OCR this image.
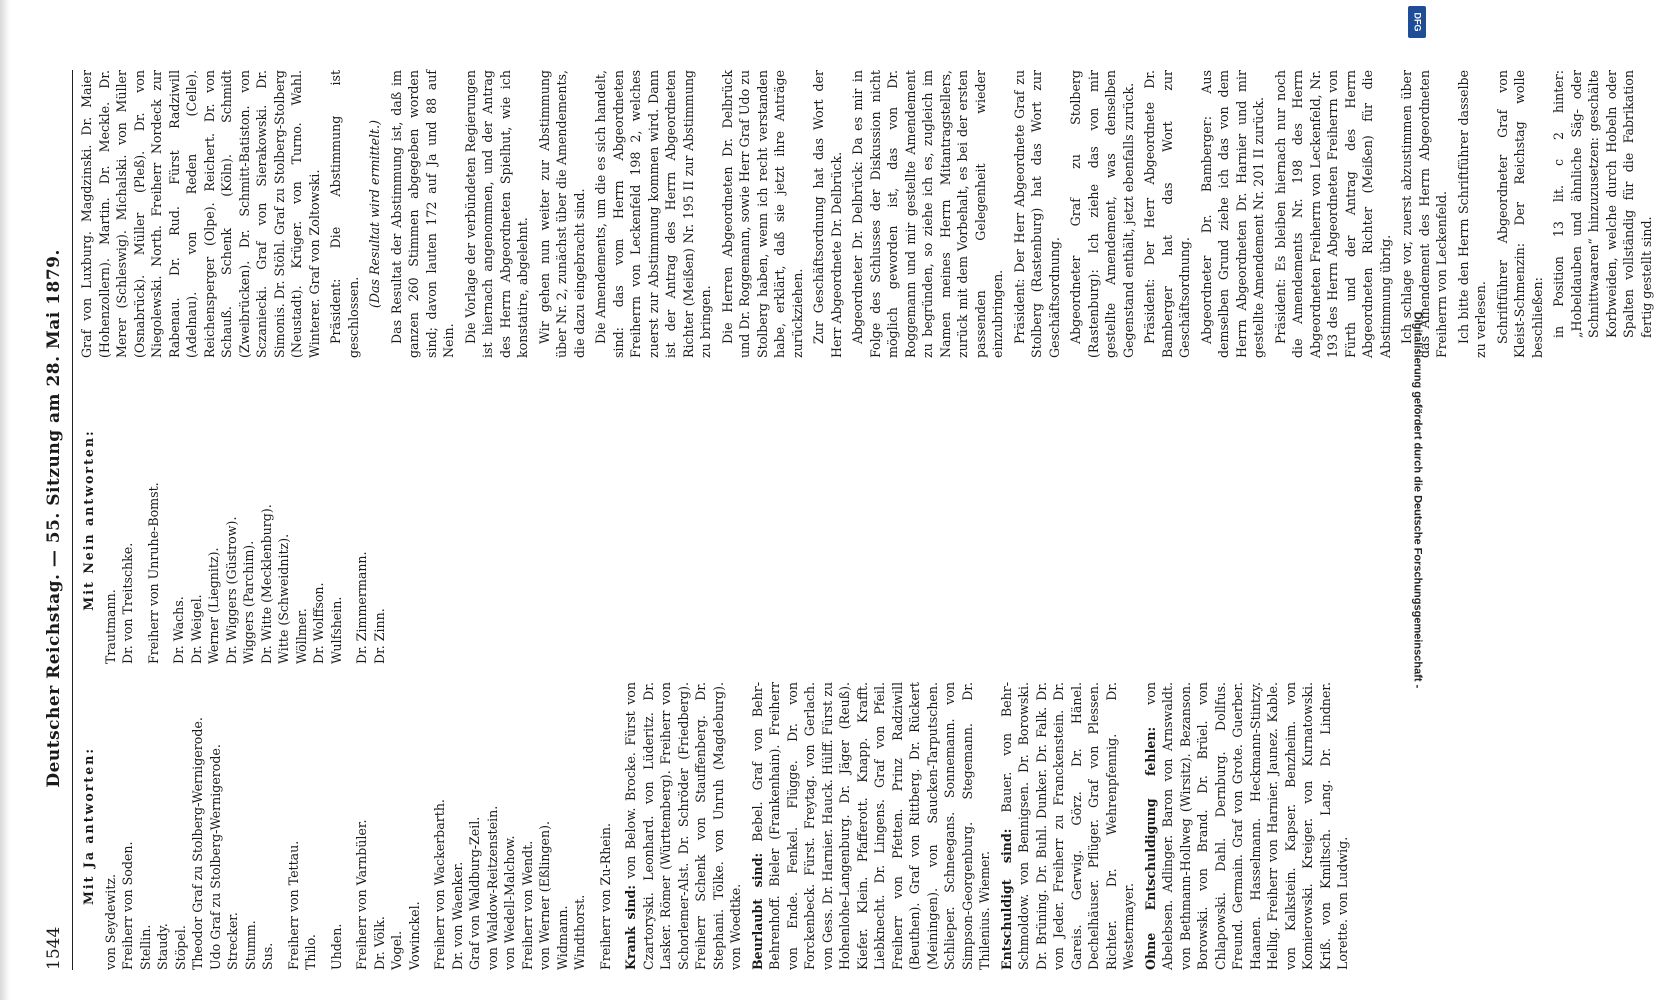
1544
Deutscher Reichstag. — 55. Sitzung am 28. Mai 1879.
Mit Ja antworten:
von Seydewitz. Freiherr von Soden. Stellin. Staudy. Stöpel. Theodor Graf zu Stolberg-Wernigerode. Udo Graf zu Stolberg-Wernigerode. Strecker. Stumm. Sus. Freiherr von Tettau. Thilo. Uhden. Freiherr von Varnbüler. Dr. Völk. Vogel. Vowinckel. Freiherr von Wackerbarth. Dr. von Waenker. Graf von Waldburg-Zeil. von Waldow-Reitzenstein. von Wedell-Malchow. Freiherr von Wendt. von Werner (Eßlingen). Widmann. Windthorst. Freiherr von Zu-Rhein. Krank sind: von Below. Brocke. Fürst von Czartoryski. Leonhard. von Lüderitz. Dr. Lasker. Römer (Württemberg). Freiherr von Schorlemer-Alst. Dr. Schröder (Friedberg). Freiherr Schenk von Stauffenberg. Dr. Stephani. Tölke. von Unruh (Magdeburg). von Woedtke. Beurlaubt sind: Bebel. Graf von Behr-Behrenhoff. Bieler (Frankenhain). Freiherr von Ende. Fenkel. Flügge. Dr. von Forckenbeck. Fürst. Freytag. von Gerlach. von Gess. Dr. Harnier. Hauck. Hülff. Fürst zu Hohenlohe-Langenburg. Dr. Jäger (Reuß). Kiefer. Klein. Pfafferott. Knapp. Krafft. Liebknecht. Dr. Lingens. Graf von Pfeil. Freiherr von Pfetten. Prinz Radziwill (Beuthen). Graf von Rittberg. Dr. Rückert (Meiningen). von Saucken-Tarputschen. Schlieper. Schneegans. Sonnemann. von Simpson-Georgenburg. Stegemann. Dr. Thilenius. Wiemer. Entschuldigt sind: Bauer. von Behr-Schmoldow. von Bennigsen. Dr. Borowski. Dr. Brüning. Dr. Buhl. Dunker. Dr. Falk. Dr. von Jeder. Freiherr zu Franckenstein. Dr. Gareis. Gerwig. Görz. Dr. Hänel. Dechelhäuser. Pflüger. Graf von Plessen. Richter. Dr. Wehrenpfennig. Dr. Westermayer. Ohne Entschuldigung fehlen: von Abelebsen. Adlinger. Baron von Arnswaldt. von Bethmann-Hollweg (Wirsitz). Bezanson. Borowski. von Brand. Dr. Brüel. von Chlapowski. Dahl. Dernburg. Dollfus. Freund. Germain. Graf von Grote. Guerber. Haanen. Hasselmann. Heckmann-Stintzy. Hellig. Freiherr von Harnier. Jaunez. Kable. von Kalkstein. Kapser. Benzheim. von Komierowski. Kreiger. von Kurnatowski. Kriß. von Kmiltsch. Lang. Dr. Lindner. Lorette. von Ludwig.

Mit Nein antworten:
Trautmann. Dr. von Treitschke. Freiherr von Unruhe-Bomst. Dr. Wachs. Dr. Weigel. Werner (Liegnitz). Dr. Wiggers (Güstrow). Wiggers (Parchim). Dr. Witte (Mecklenburg). Witte (Schweidnitz). Wöllmer. Dr. Wolffson. Wulfshein. Dr. Zimmermann. Dr. Zinn.

Graf von Luxburg. Magdzinski. Dr. Maier (Hohenzollern). Martin. Dr. Meckle. Dr. Merer (Schleswig). Michalski. von Müller (Osnabrück). Müller (Pleß). Dr. von Niegolewski. North. Freiherr Nordeck zur Rabenau. Dr. Rud. Fürst Radziwill (Adelnau). von Reden (Celle). Reichensperger (Olpe). Reichert. Dr. von Schauß. Schenk (Köln). Schmidt (Zweibrücken). Dr. Schmitt-Batiston. von Sczaniecki. Graf von Sierakowski. Dr. Simonis. Dr. Stöhl. Graf zu Stolberg-Stolberg (Neustadt). Krüger. von Turno. Wahl. Winterer. Graf von Zoltowski. Präsident: Die Abstimmung ist geschlossen.

(Das Resultat wird ermittelt.) Das Resultat der Abstimmung ist, daß im ganzen 260 Stimmen abgegeben worden sind; davon lauten 172 auf Ja und 88 auf Nein. Die Vorlage der verbündeten Regierungen ist hiernach angenommen, und der Antrag des Herrn Abgeordneten Spielhut, wie ich konstatire, abgelehnt. Wir gehen nun weiter zur Abstimmung über Nr. 2, zunächst über die Amendements, die dazu eingebracht sind. Die Amendements, um die es sich handelt, sind: das vom Herrn Abgeordneten Freiherrn von Leckenfeld 198 2, welches zuerst zur Abstimmung kommen wird. Dann ist der Antrag des Herrn Abgeordneten Richter (Meißen) Nr. 195 II zur Abstimmung zu bringen. Die Herren Abgeordneten Dr. Delbrück und Dr. Roggemann, sowie Herr Graf Udo zu Stolberg haben, wenn ich recht verstanden habe, erklärt, daß sie jetzt ihre Anträge zurückziehen. Zur Geschäftsordnung hat das Wort der Herr Abgeordnete Dr. Delbrück. Abgeordneter Dr. Delbrück: Da es mir in Folge des Schlusses der Diskussion nicht möglich geworden ist, das von Dr. Roggemann und mir gestellte Amendement zu begründen, so ziehe ich es, zugleich im Namen meines Herrn Mitantragstellers, zurück mit dem Vorbehalt, es bei der ersten passenden Gelegenheit wieder einzubringen. Präsident: Der Herr Abgeordnete Graf zu Stolberg (Rastenburg) hat das Wort zur Geschäftsordnung. Abgeordneter Graf zu Stolberg (Rastenburg): Ich ziehe das von mir gestellte Amendement, was denselben Gegenstand enthält, jetzt ebenfalls zurück. Präsident: Der Herr Abgeordnete Dr. Bamberger hat das Wort zur Geschäftsordnung. Abgeordneter Dr. Bamberger: Aus demselben Grund ziehe ich das von dem Herrn Abgeordneten Dr. Harnier und mir gestellte Amendement Nr. 201 II zurück. Präsident: Es bleiben hiernach nur noch die Amendements Nr. 198 des Herrn Abgeordneten Freiherrn von Leckenfeld, Nr. 193 des Herrn Abgeordneten Freiherrn von Fürth und der Antrag des Herrn Abgeordneten Richter (Meißen) für die Abstimmung übrig. Ich schlage vor, zuerst abzustimmen über das Amendement des Herrn Abgeordneten Freiherrn von Leckenfeld. Ich bitte den Herrn Schriftführer dasselbe zu verlesen. Schriftführer Abgeordneter Graf von Kleist-Schmenzin: Der Reichstag wolle beschließen: in Position 13 lit. c 2 hinter: „Hobeldauben und ähnliche Säg- oder Schnittwaaren“ hinzuzusetzen: geschälte Korbweiden, welche durch Hobeln oder Spalten vollständig für die Fabrikation fertig gestellt sind.

Digitalisierung gefördert durch die Deutsche Forschungsgemeinschaft -
DFG
